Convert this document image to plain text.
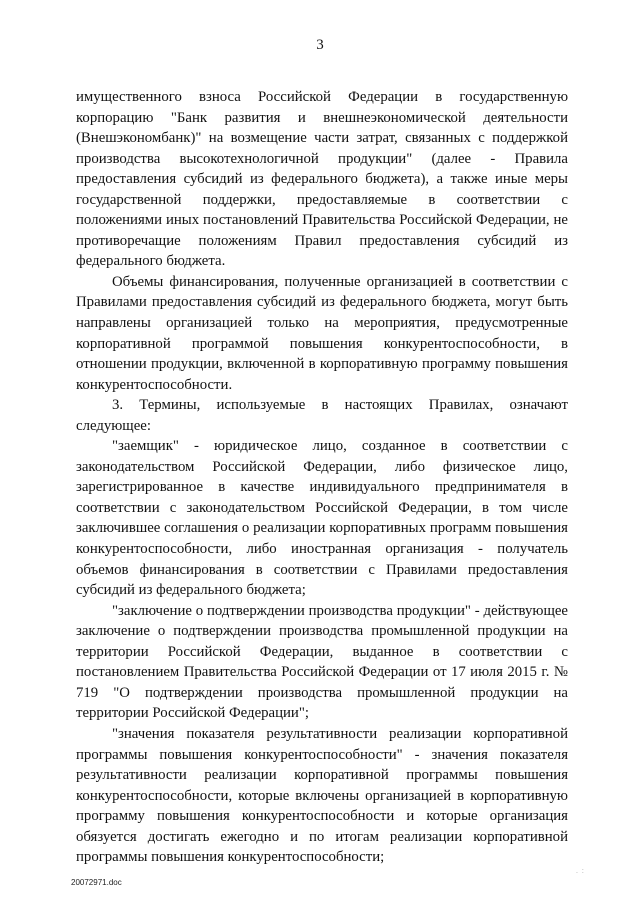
3

имущественного взноса Российской Федерации в государственную корпорацию "Банк развития и внешнеэкономической деятельности (Внешэкономбанк)" на возмещение части затрат, связанных с поддержкой производства высокотехнологичной продукции" (далее - Правила предоставления субсидий из федерального бюджета), а также иные меры государственной поддержки, предоставляемые в соответствии с положениями иных постановлений Правительства Российской Федерации, не противоречащие положениям Правил предоставления субсидий из федерального бюджета.

Объемы финансирования, полученные организацией в соответствии с Правилами предоставления субсидий из федерального бюджета, могут быть направлены организацией только на мероприятия, предусмотренные корпоративной программой повышения конкурентоспособности, в отношении продукции, включенной в корпоративную программу повышения конкурентоспособности.

3. Термины, используемые в настоящих Правилах, означают следующее:

"заемщик" - юридическое лицо, созданное в соответствии с законодательством Российской Федерации, либо физическое лицо, зарегистрированное в качестве индивидуального предпринимателя в соответствии с законодательством Российской Федерации, в том числе заключившее соглашения о реализации корпоративных программ повышения конкурентоспособности, либо иностранная организация - получатель объемов финансирования в соответствии с Правилами предоставления субсидий из федерального бюджета;

"заключение о подтверждении производства продукции" - действующее заключение о подтверждении производства промышленной продукции на территории Российской Федерации, выданное в соответствии с постановлением Правительства Российской Федерации от 17 июля 2015 г. № 719 "О подтверждении производства промышленной продукции на территории Российской Федерации";

"значения показателя результативности реализации корпоративной программы повышения конкурентоспособности" - значения показателя результативности реализации корпоративной программы повышения конкурентоспособности, которые включены организацией в корпоративную программу повышения конкурентоспособности и которые организация обязуется достигать ежегодно и по итогам реализации корпоративной программы повышения конкурентоспособности;

20072971.doc
. :
